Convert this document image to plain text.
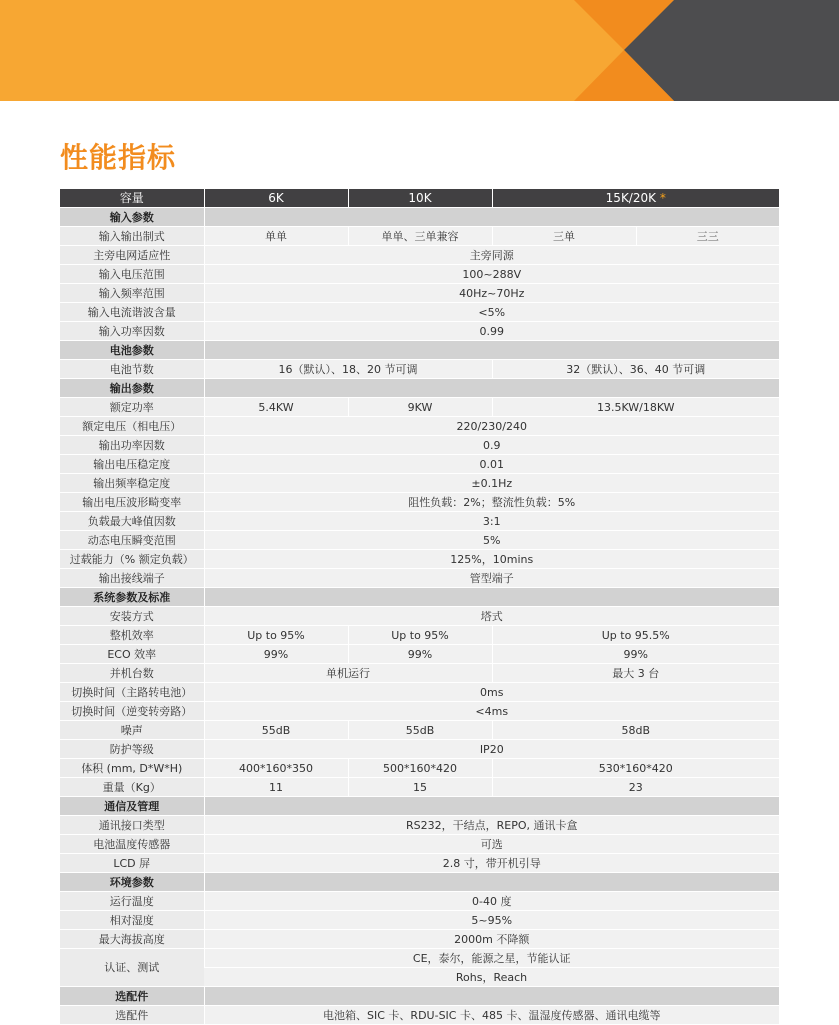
性能指标
容量	6K	10K	15K/20K *	
输入参数				
输入输出制式	单单	单单、三单兼容	三单	三三
主旁电网适应性	主旁同源			
输入电压范围	100~288V			
输入频率范围	40Hz~70Hz			
输入电流谐波含量	<5%			
输入功率因数	0.99			
电池参数				
电池节数	16（默认）、18、20 节可调		32（默认）、36、40 节可调	
输出参数				
额定功率	5.4KW	9KW	13.5KW/18KW	
额定电压（相电压）	220/230/240			
输出功率因数	0.9			
输出电压稳定度	0.01			
输出频率稳定度	±0.1Hz			
输出电压波形畸变率	阻性负载：2%；整流性负载：5%			
负载最大峰值因数	3:1			
动态电压瞬变范围	5%			
过载能力（% 额定负载）	125%，10mins			
输出接线端子	管型端子			
系统参数及标准				
安装方式	塔式			
整机效率	Up to 95%	Up to 95%	Up to 95.5%	
ECO 效率	99%	99%	99%	
并机台数	单机运行		最大 3 台	
切换时间（主路转电池）	0ms			
切换时间（逆变转旁路）	<4ms			
噪声	55dB	55dB	58dB	
防护等级	IP20			
体积 (mm, D*W*H)	400*160*350	500*160*420	530*160*420	
重量（Kg）	11	15	23	
通信及管理				
通讯接口类型	RS232，干结点，REPO, 通讯卡盒			
电池温度传感器	可选			
LCD 屏	2.8 寸，带开机引导			
环境参数				
运行温度	0-40 度			
相对湿度	5~95%			
最大海拔高度	2000m 不降额			
认证、测试	CE，泰尔，能源之星，节能认证			
	Rohs，Reach			
选配件				
选配件	电池箱、SIC 卡、RDU-SIC 卡、485 卡、温湿度传感器、通讯电缆等			
